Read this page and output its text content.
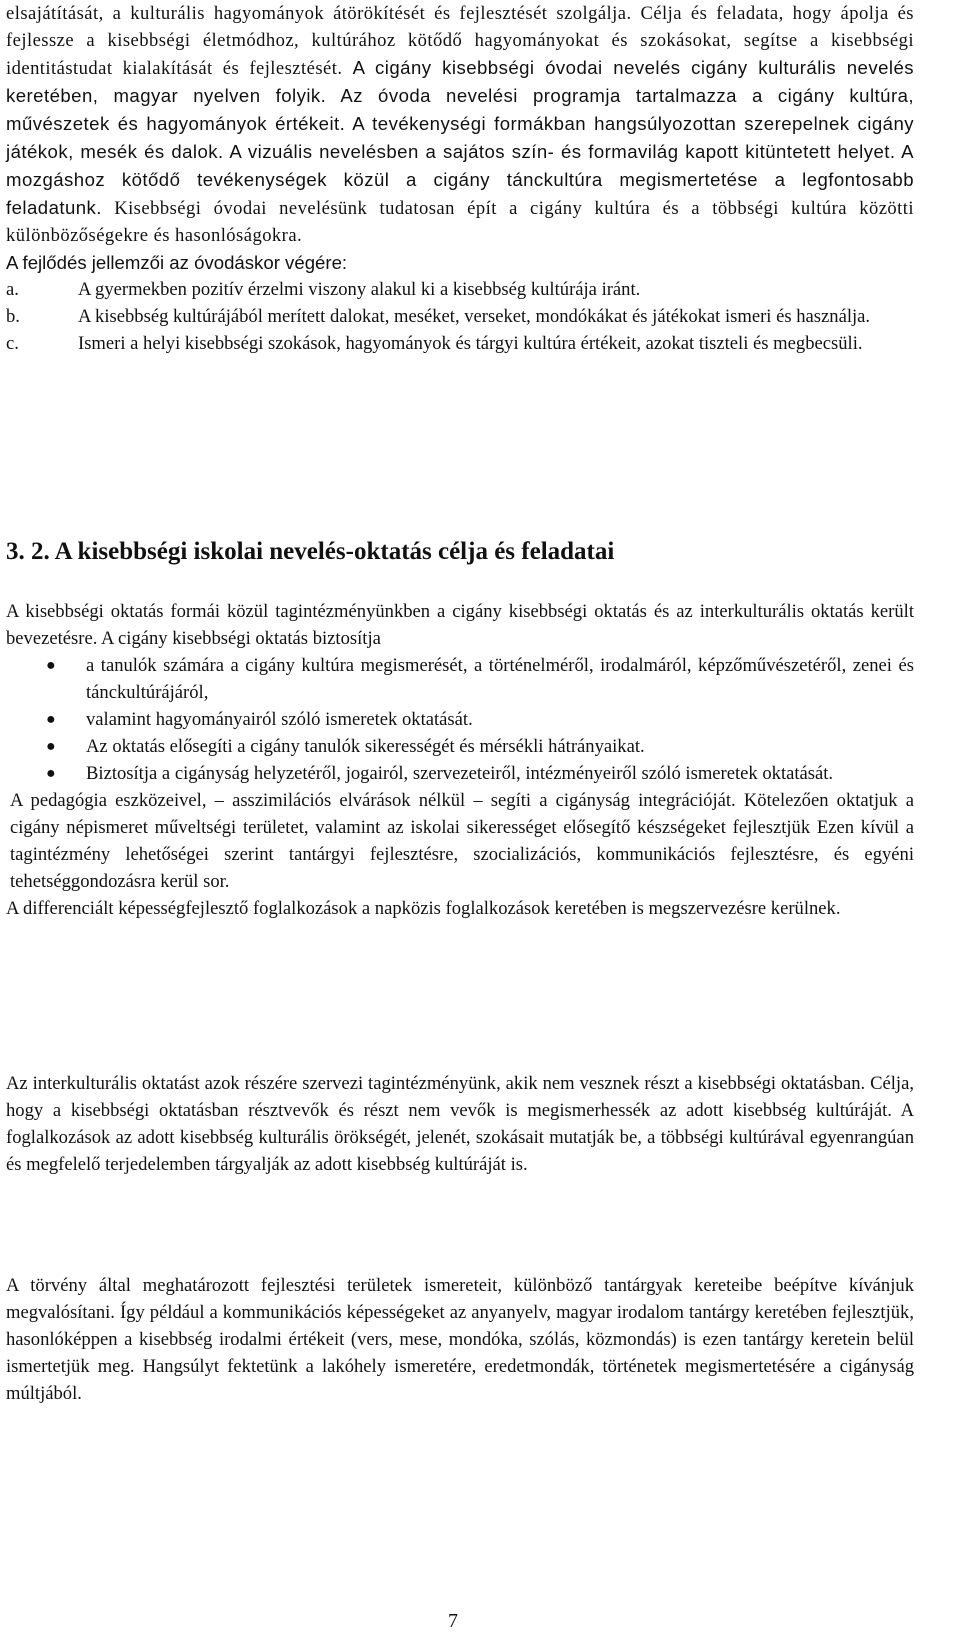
elsajátítását, a kulturális hagyományok átörökítését és fejlesztését szolgálja. Célja és feladata, hogy ápolja és fejlessze a kisebbségi életmódhoz, kultúrához kötődő hagyományokat és szokásokat, segítse a kisebbségi identitástudat kialakítását és fejlesztését. A cigány kisebbségi óvodai nevelés cigány kulturális nevelés keretében, magyar nyelven folyik. Az óvoda nevelési programja tartalmazza a cigány kultúra, művészetek és hagyományok értékeit. A tevékenységi formákban hangsúlyozottan szerepelnek cigány játékok, mesék és dalok. A vizuális nevelésben a sajátos szín- és formavilág kapott kitüntetett helyet. A mozgáshoz kötődő tevékenységek közül a cigány tánckultúra megismertetése a legfontosabb feladatunk. Kisebbségi óvodai nevelésünk tudatosan épít a cigány kultúra és a többségi kultúra közötti különbözőségekre és hasonlóságokra.

A fejlődés jellemzői az óvodáskor végére:

a.	A gyermekben pozitív érzelmi viszony alakul ki a kisebbség kultúrája iránt.
b.	A kisebbség kultúrájából merített dalokat, meséket, verseket, mondókákat és játékokat ismeri és használja.
c.	Ismeri a helyi kisebbségi szokások, hagyományok és tárgyi kultúra értékeit, azokat tiszteli és megbecsüli.
3. 2. A kisebbségi iskolai nevelés-oktatás célja és feladatai

A kisebbségi oktatás formái közül tagintézményünkben a cigány kisebbségi oktatás és az interkulturális oktatás került bevezetésre. A cigány kisebbségi oktatás biztosítja

●	a tanulók számára a cigány kultúra megismerését, a történelméről, irodalmáról, képzőművészetéről, zenei és tánckultúrájáról,
●	valamint hagyományairól szóló ismeretek oktatását.
●	Az oktatás elősegíti a cigány tanulók sikerességét és mérsékli hátrányaikat.
●	Biztosítja a cigányság helyzetéről, jogairól, szervezeteiről, intézményeiről szóló ismeretek oktatását.

A pedagógia eszközeivel, – asszimilációs elvárások nélkül – segíti a cigányság integrációját. Kötelezően oktatjuk a cigány népismeret műveltségi területet, valamint az iskolai sikerességet elősegítő készségeket fejlesztjük Ezen kívül a tagintézmény lehetőségei szerint tantárgyi fejlesztésre, szocializációs, kommunikációs fejlesztésre, és egyéni tehetséggondozásra kerül sor.

A differenciált képességfejlesztő foglalkozások a napközis foglalkozások keretében is megszervezésre kerülnek.

Az interkulturális oktatást azok részére szervezi tagintézményünk, akik nem vesznek részt a kisebbségi oktatásban. Célja, hogy a kisebbségi oktatásban résztvevők és részt nem vevők is megismerhessék az adott kisebbség kultúráját. A foglalkozások az adott kisebbség kulturális örökségét, jelenét, szokásait mutatják be, a többségi kultúrával egyenrangúan és megfelelő terjedelemben tárgyalják az adott kisebbség kultúráját is.

A törvény által meghatározott fejlesztési területek ismereteit, különböző tantárgyak kereteibe beépítve kívánjuk megvalósítani. Így például a kommunikációs képességeket az anyanyelv, magyar irodalom tantárgy keretében fejlesztjük, hasonlóképpen a kisebbség irodalmi értékeit (vers, mese, mondóka, szólás, közmondás) is ezen tantárgy keretein belül ismertetjük meg. Hangsúlyt fektetünk a lakóhely ismeretére, eredetmondák, történetek megismertetésére a cigányság múltjából.

7
